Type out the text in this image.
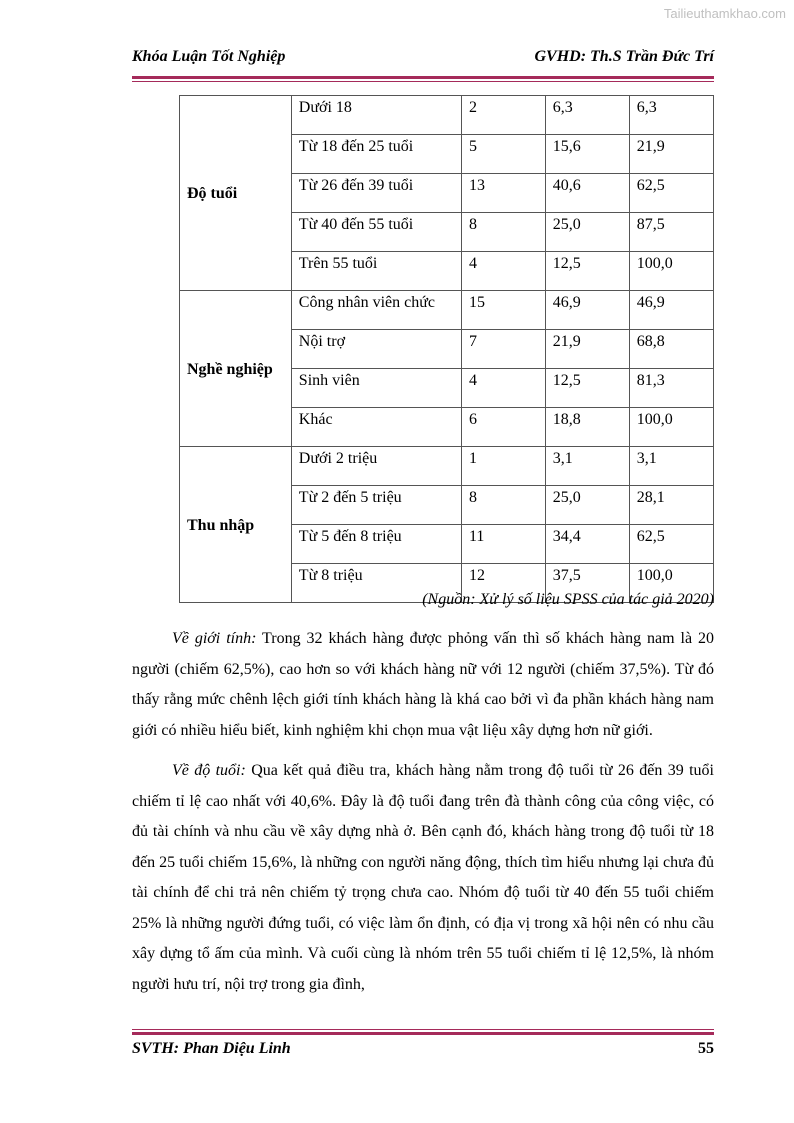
Tailieuthamkhao.com
Khóa Luận Tốt Nghiệp	GVHD: Th.S Trần Đức Trí
Độ tuổi	Dưới 18	2	6,3	6,3
	Từ 18 đến 25 tuổi	5	15,6	21,9
	Từ 26 đến 39 tuổi	13	40,6	62,5
	Từ 40 đến 55 tuổi	8	25,0	87,5
	Trên 55 tuổi	4	12,5	100,0
Nghề nghiệp	Công nhân viên chức	15	46,9	46,9
	Nội trợ	7	21,9	68,8
	Sinh viên	4	12,5	81,3
	Khác	6	18,8	100,0
Thu nhập	Dưới 2 triệu	1	3,1	3,1
	Từ 2 đến 5 triệu	8	25,0	28,1
	Từ 5 đến 8 triệu	11	34,4	62,5
	Từ 8 triệu	12	37,5	100,0
(Nguồn: Xử lý số liệu SPSS của tác giả 2020)

Về giới tính: Trong 32 khách hàng được phỏng vấn thì số khách hàng nam là 20 người (chiếm 62,5%), cao hơn so với khách hàng nữ với 12 người (chiếm 37,5%). Từ đó thấy rằng mức chênh lệch giới tính khách hàng là khá cao bởi vì đa phần khách hàng nam giới có nhiều hiểu biết, kinh nghiệm khi chọn mua vật liệu xây dựng hơn nữ giới.

Về độ tuổi: Qua kết quả điều tra, khách hàng nằm trong độ tuổi từ 26 đến 39 tuổi chiếm tỉ lệ cao nhất với 40,6%. Đây là độ tuổi đang trên đà thành công của công việc, có đủ tài chính và nhu cầu về xây dựng nhà ở. Bên cạnh đó, khách hàng trong độ tuổi từ 18 đến 25 tuổi chiếm 15,6%, là những con người năng động, thích tìm hiểu nhưng lại chưa đủ tài chính để chi trả nên chiếm tỷ trọng chưa cao. Nhóm độ tuổi từ 40 đến 55 tuổi chiếm 25% là những người đứng tuổi, có việc làm ổn định, có địa vị trong xã hội nên có nhu cầu xây dựng tổ ấm của mình. Và cuối cùng là nhóm trên 55 tuổi chiếm tỉ lệ 12,5%, là nhóm người hưu trí, nội trợ trong gia đình,

SVTH: Phan Diệu Linh	55
